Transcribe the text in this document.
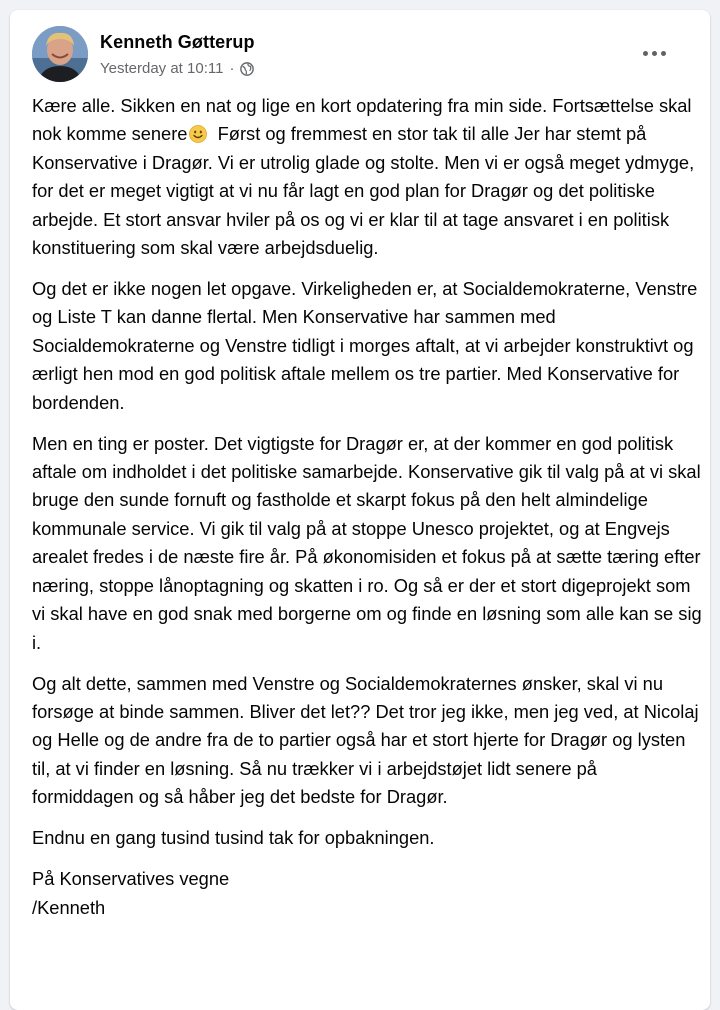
Kenneth Gøtterup
Yesterday at 10:11 ·

Kære alle. Sikken en nat og lige en kort opdatering fra min side. Fortsættelse skal nok komme senere  Først og fremmest en stor tak til alle Jer har stemt på Konservative i Dragør. Vi er utrolig glade og stolte. Men vi er også meget ydmyge, for det er meget vigtigt at vi nu får lagt en god plan for Dragør og det politiske arbejde. Et stort ansvar hviler på os og vi er klar til at tage ansvaret i en politisk konstituering som skal være arbejdsduelig.

Og det er ikke nogen let opgave. Virkeligheden er, at Socialdemokraterne, Venstre og Liste T kan danne flertal. Men Konservative har sammen med Socialdemokraterne og Venstre tidligt i morges aftalt, at vi arbejder konstruktivt og ærligt hen mod en god politisk aftale mellem os tre partier. Med Konservative for bordenden.

Men en ting er poster. Det vigtigste for Dragør er, at der kommer en god politisk aftale om indholdet i det politiske samarbejde. Konservative gik til valg på at vi skal bruge den sunde fornuft og fastholde et skarpt fokus på den helt almindelige kommunale service. Vi gik til valg på at stoppe Unesco projektet, og at Engvejs arealet fredes i de næste fire år. På økonomisiden et fokus på at sætte tæring efter næring, stoppe lånoptagning og skatten i ro. Og så er der et stort digeprojekt som vi skal have en god snak med borgerne om og finde en løsning som alle kan se sig i.

Og alt dette, sammen med Venstre og Socialdemokraternes ønsker, skal vi nu forsøge at binde sammen. Bliver det let?? Det tror jeg ikke, men jeg ved, at Nicolaj og Helle og de andre fra de to partier også har et stort hjerte for Dragør og lysten til, at vi finder en løsning. Så nu trækker vi i arbejdstøjet lidt senere på formiddagen og så håber jeg det bedste for Dragør.

Endnu en gang tusind tusind tak for opbakningen.

På Konservatives vegne

/Kenneth
